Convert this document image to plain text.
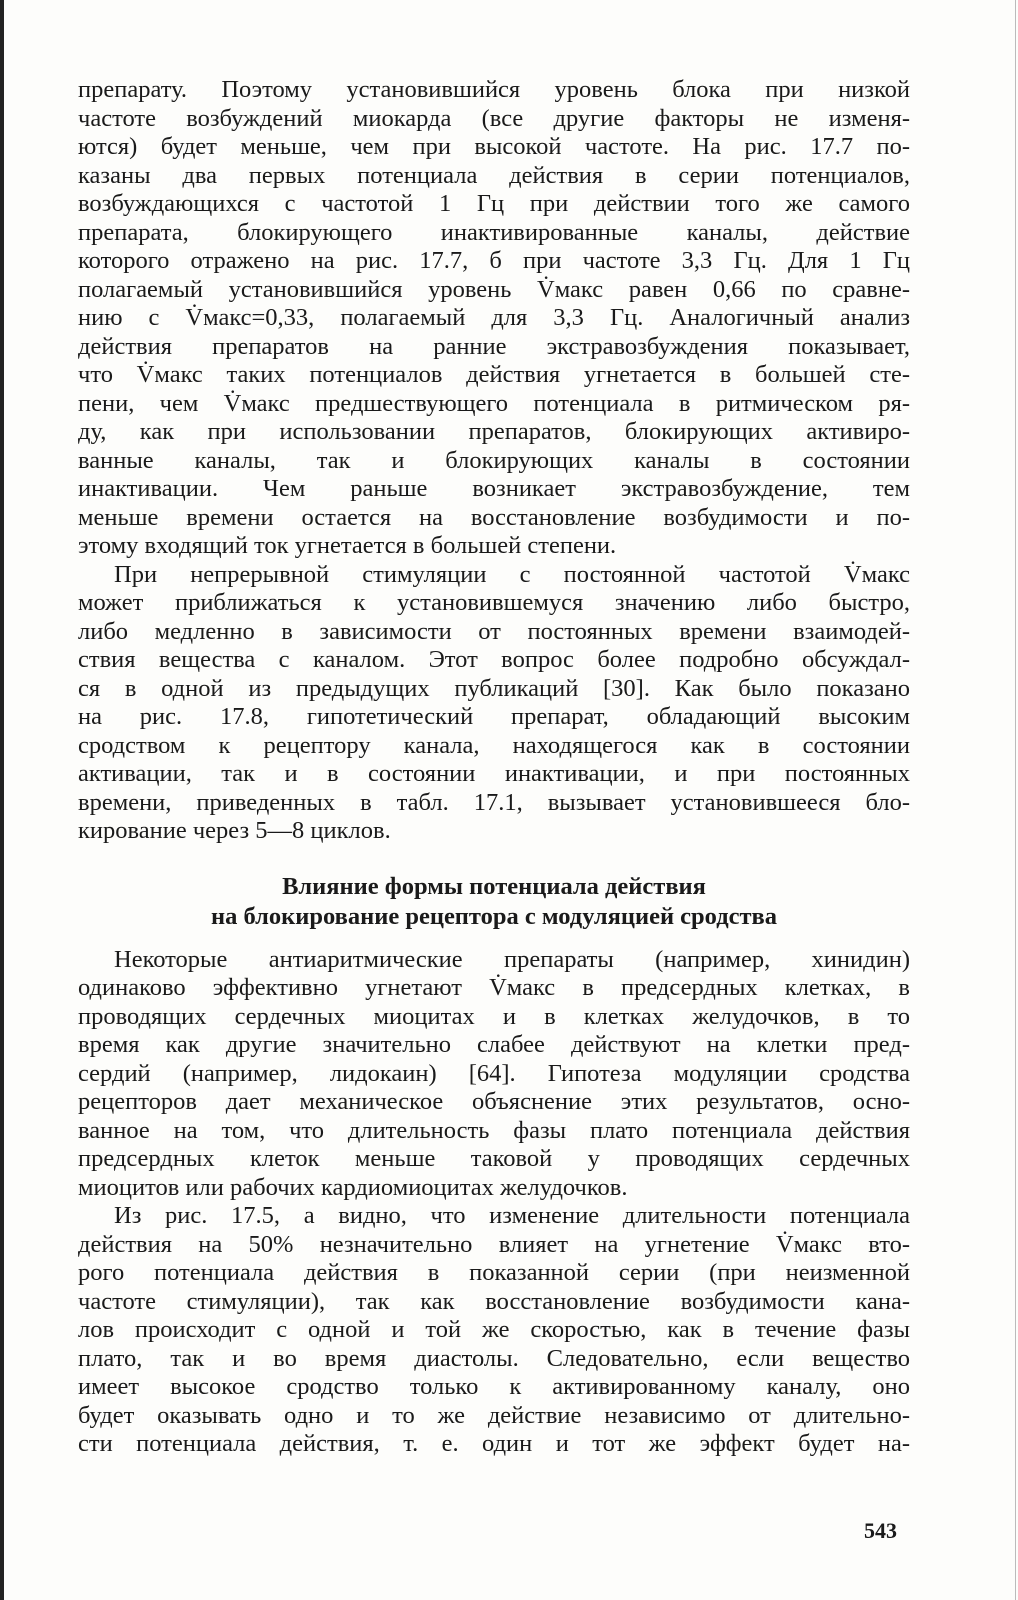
препарату. Поэтому установившийся уровень блока при низкой
частоте возбуждений миокарда (все другие факторы не изменя-
ются) будет меньше, чем при высокой частоте. На рис. 17.7 по-
казаны два первых потенциала действия в серии потенциалов,
возбуждающихся с частотой 1 Гц при действии того же самого
препарата, блокирующего инактивированные каналы, действие
которого отражено на рис. 17.7, б при частоте 3,3 Гц. Для 1 Гц
полагаемый установившийся уровень V̇макс равен 0,66 по сравне-
нию с V̇макс=0,33, полагаемый для 3,3 Гц. Аналогичный анализ
действия препаратов на ранние экстравозбуждения показывает,
что V̇макс таких потенциалов действия угнетается в большей сте-
пени, чем V̇макс предшествующего потенциала в ритмическом ря-
ду, как при использовании препаратов, блокирующих активиро-
ванные каналы, так и блокирующих каналы в состоянии
инактивации. Чем раньше возникает экстравозбуждение, тем
меньше времени остается на восстановление возбудимости и по-
этому входящий ток угнетается в большей степени.
При непрерывной стимуляции с постоянной частотой V̇макс
может приближаться к установившемуся значению либо быстро,
либо медленно в зависимости от постоянных времени взаимодей-
ствия вещества с каналом. Этот вопрос более подробно обсуждал-
ся в одной из предыдущих публикаций [30]. Как было показано
на рис. 17.8, гипотетический препарат, обладающий высоким
сродством к рецептору канала, находящегося как в состоянии
активации, так и в состоянии инактивации, и при постоянных
времени, приведенных в табл. 17.1, вызывает установившееся бло-
кирование через 5—8 циклов.
Влияние формы потенциала действия
на блокирование рецептора с модуляцией сродства
Некоторые антиаритмические препараты (например, хинидин)
одинаково эффективно угнетают V̇макс в предсердных клетках, в
проводящих сердечных миоцитах и в клетках желудочков, в то
время как другие значительно слабее действуют на клетки пред-
сердий (например, лидокаин) [64]. Гипотеза модуляции сродства
рецепторов дает механическое объяснение этих результатов, осно-
ванное на том, что длительность фазы плато потенциала действия
предсердных клеток меньше таковой у проводящих сердечных
миоцитов или рабочих кардиомиоцитах желудочков.
Из рис. 17.5, а видно, что изменение длительности потенциала
действия на 50% незначительно влияет на угнетение V̇макс вто-
рого потенциала действия в показанной серии (при неизменной
частоте стимуляции), так как восстановление возбудимости кана-
лов происходит с одной и той же скоростью, как в течение фазы
плато, так и во время диастолы. Следовательно, если вещество
имеет высокое сродство только к активированному каналу, оно
будет оказывать одно и то же действие независимо от длительно-
сти потенциала действия, т. е. один и тот же эффект будет на-
543
